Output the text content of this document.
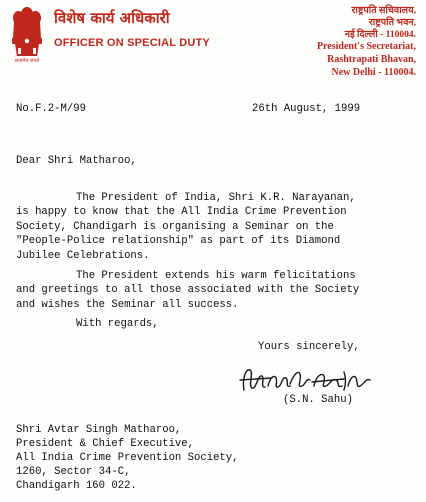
सत्यमेव जयते
विशेष कार्य अधिकारी
OFFICER ON SPECIAL DUTY
राष्ट्रपति सचिवालय,
राष्ट्रपति भवन,
नई दिल्ली - 110004.
President's Secretariat,
Rashtrapati Bhavan,
New Delhi - 110004.
No.F.2-M/99	26th August, 1999
Dear Shri Matharoo,
The President of India, Shri K.R. Narayanan,
is happy to know that the All India Crime Prevention
Society, Chandigarh is organising a Seminar on the
"People-Police relationship" as part of its Diamond
Jubilee Celebrations.
The President extends his warm felicitations
and greetings to all those associated with the Society
and wishes the Seminar all success.
With regards,
Yours sincerely,
(S.N. Sahu)
Shri Avtar Singh Matharoo,
President & Chief Executive,
All India Crime Prevention Society,
1260, Sector 34-C,
Chandigarh 160 022.
